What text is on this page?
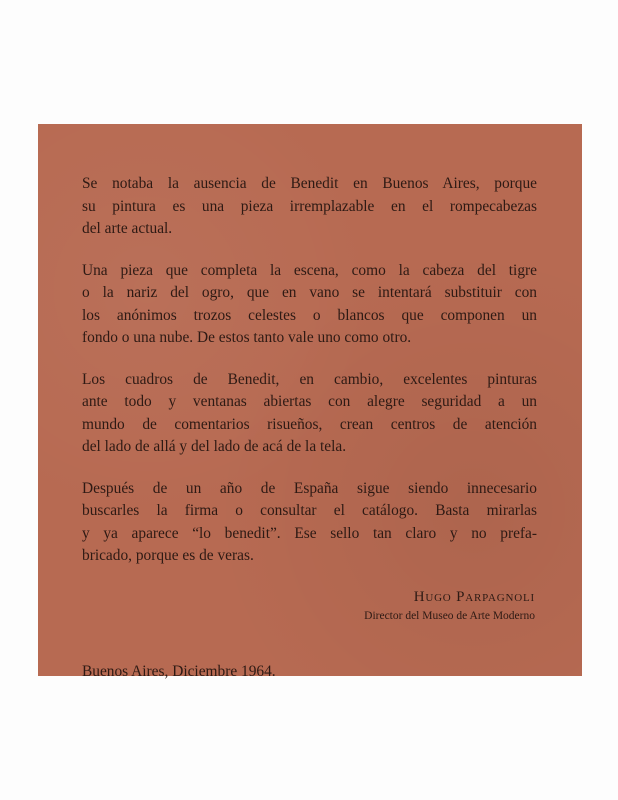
Se notaba la ausencia de Benedit en Buenos Aires, porque
su pintura es una pieza irremplazable en el rompecabezas
del arte actual.

Una pieza que completa la escena, como la cabeza del tigre
o la nariz del ogro, que en vano se intentará substituir con
los anónimos trozos celestes o blancos que componen un
fondo o una nube. De estos tanto vale uno como otro.

Los cuadros de Benedit, en cambio, excelentes pinturas
ante todo y ventanas abiertas con alegre seguridad a un
mundo de comentarios risueños, crean centros de atención
del lado de allá y del lado de acá de la tela.

Después de un año de España sigue siendo innecesario
buscarles la firma o consultar el catálogo. Basta mirarlas
y ya aparece “lo benedit”. Ese sello tan claro y no prefa-
bricado, porque es de veras.

Hugo Parpagnoli
Director del Museo de Arte Moderno
Buenos Aires, Diciembre 1964.
